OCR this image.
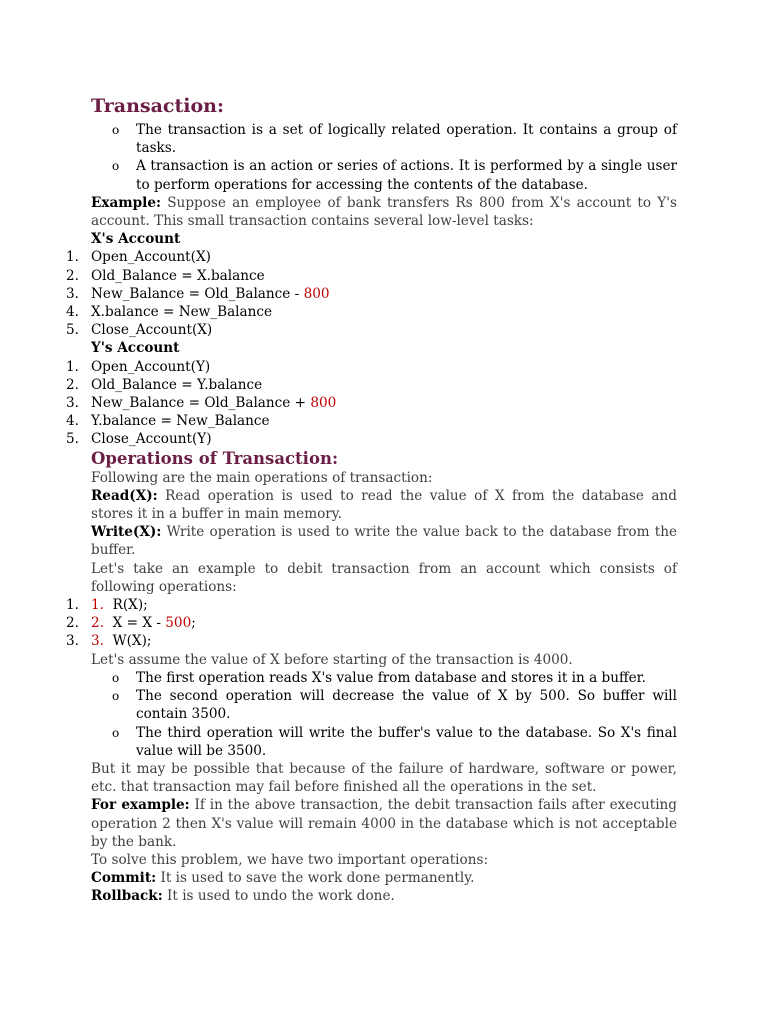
Transaction:
o The transaction is a set of logically related operation. It contains a group of tasks.
o A transaction is an action or series of actions. It is performed by a single user to perform operations for accessing the contents of the database.
Example: Suppose an employee of bank transfers Rs 800 from X's account to Y's account. This small transaction contains several low-level tasks:
X's Account
1. Open_Account(X)
2. Old_Balance = X.balance
3. New_Balance = Old_Balance - 800
4. X.balance = New_Balance
5. Close_Account(X)
Y's Account
1. Open_Account(Y)
2. Old_Balance = Y.balance
3. New_Balance = Old_Balance + 800
4. Y.balance = New_Balance
5. Close_Account(Y)
Operations of Transaction:
Following are the main operations of transaction:
Read(X): Read operation is used to read the value of X from the database and stores it in a buffer in main memory.
Write(X): Write operation is used to write the value back to the database from the buffer.
Let's take an example to debit transaction from an account which consists of following operations:
1. 1. R(X);
2. 2. X = X - 500;
3. 3. W(X);
Let's assume the value of X before starting of the transaction is 4000.
o The first operation reads X's value from database and stores it in a buffer.
o The second operation will decrease the value of X by 500. So buffer will contain 3500.
o The third operation will write the buffer's value to the database. So X's final value will be 3500.
But it may be possible that because of the failure of hardware, software or power, etc. that transaction may fail before finished all the operations in the set.
For example: If in the above transaction, the debit transaction fails after executing operation 2 then X's value will remain 4000 in the database which is not acceptable by the bank.
To solve this problem, we have two important operations:
Commit: It is used to save the work done permanently.
Rollback: It is used to undo the work done.
